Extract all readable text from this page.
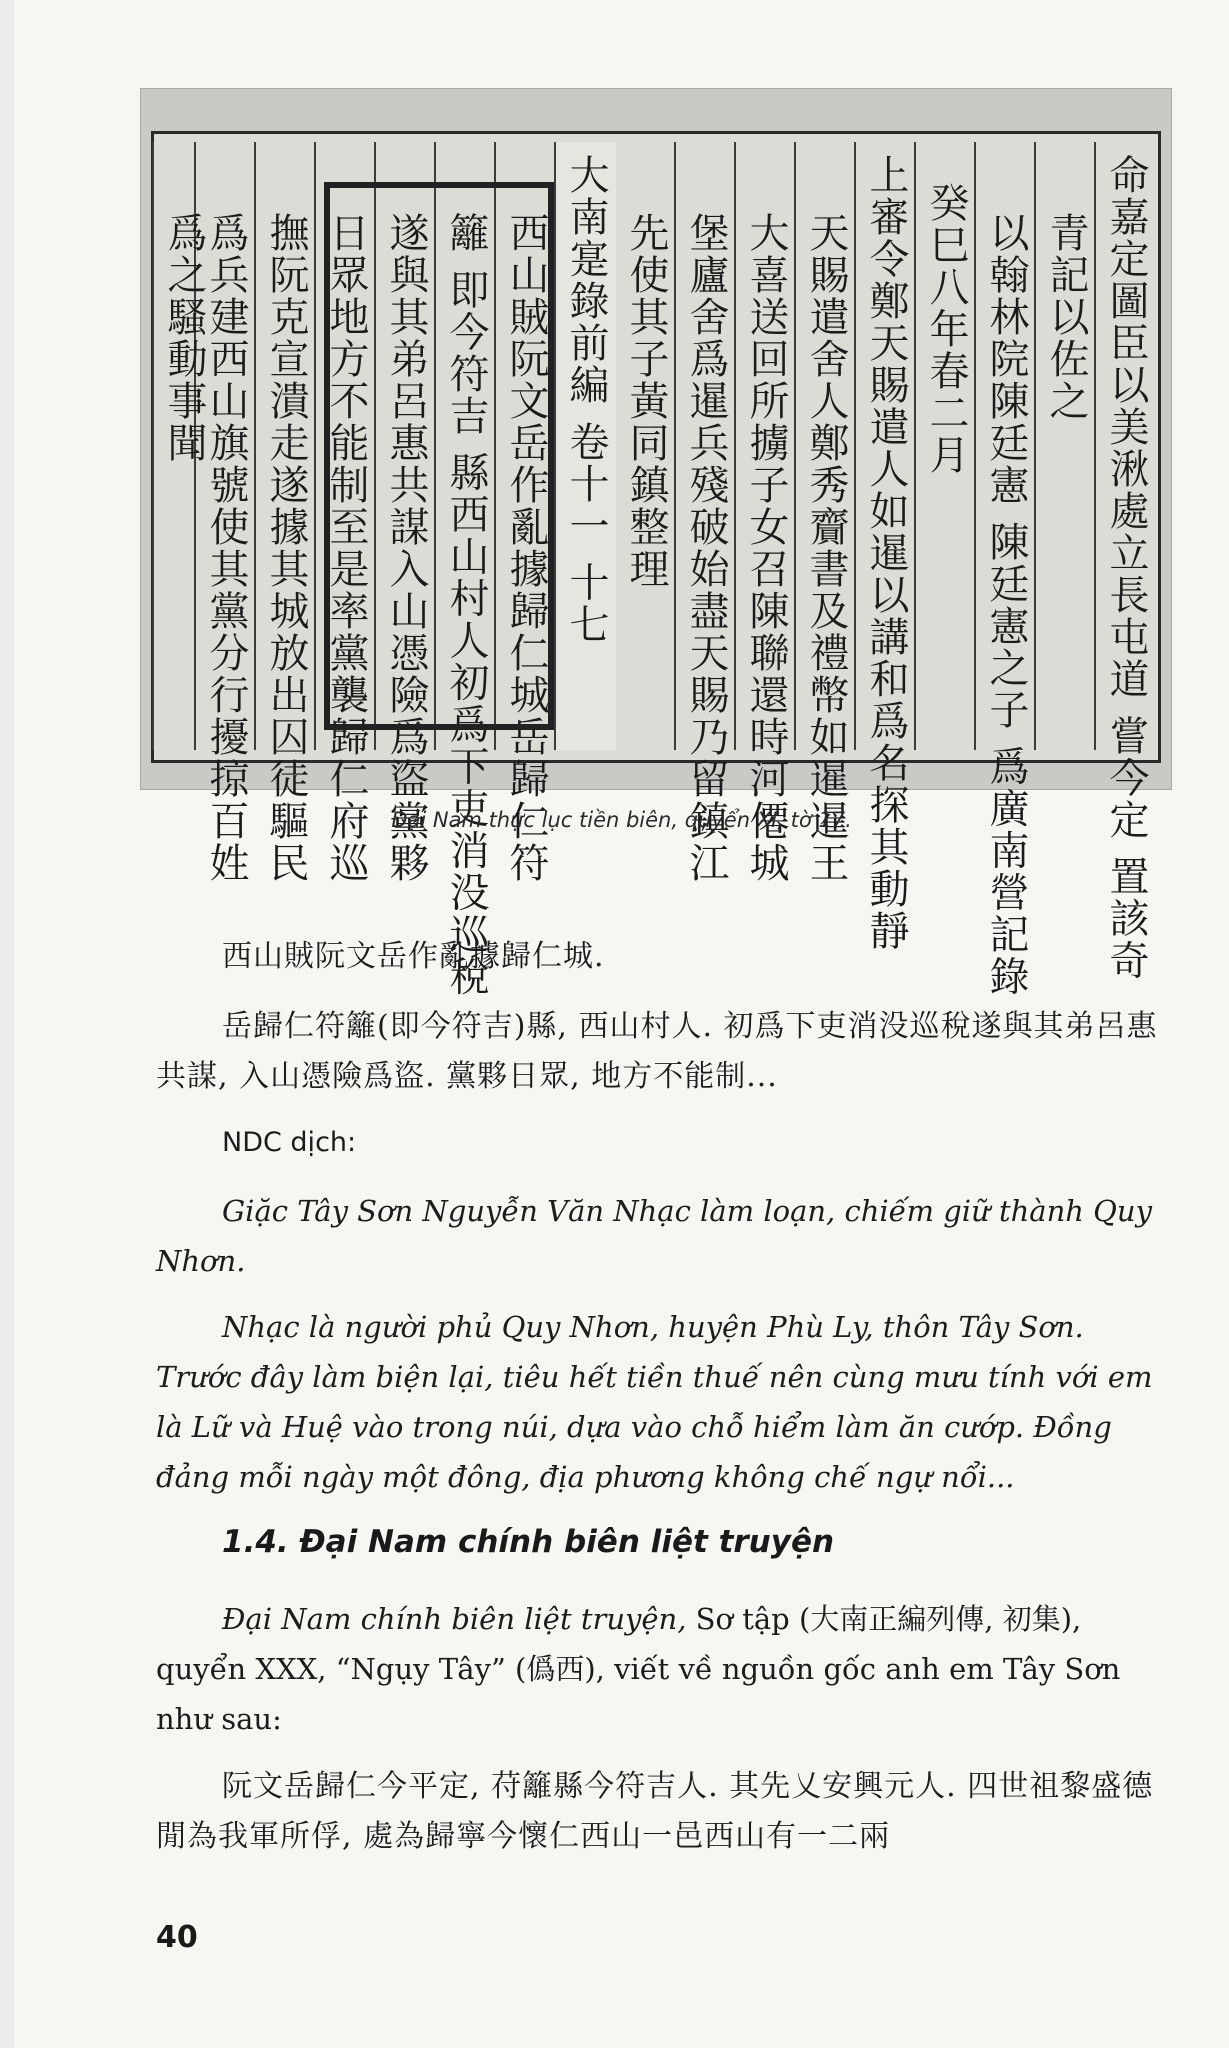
命嘉定圖臣以美湫處立長屯道 嘗今定 置該奇
青記以佐之
以翰林院陳廷憲 陳廷憲之子 爲廣南營記錄
癸巳八年春二月
上審令鄭天賜遣人如暹以講和爲名探其動靜
天賜遣舍人鄭秀齎書及禮幣如暹暹王
大喜送回所擄子女召陳聯還時河僊城
堡廬舍爲暹兵殘破始盡天賜乃留鎮江
先使其子黃同鎮整理
大南寔錄前編 卷十一 十七
西山賊阮文岳作亂據歸仁城岳歸仁符
籬 即今符吉 縣西山村人初爲下吏消没巡稅
遂與其弟呂惠共謀入山憑險爲盜黨夥
日眾地方不能制至是率黨襲歸仁府巡
撫阮克宣潰走遂據其城放出囚徒驅民
爲兵建西山旗號使其黨分行擾掠百姓
爲之騷動事聞
Đại Nam thực lục tiền biên, quyển XI, tờ 17.
西山賊阮文岳作亂據歸仁城.
岳歸仁符籬(即今符吉)縣, 西山村人. 初爲下吏消没巡稅遂與其弟呂惠共謀, 入山憑險爲盜. 黨夥日眾, 地方不能制...
NDC dịch:
Giặc Tây Sơn Nguyễn Văn Nhạc làm loạn, chiếm giữ thành Quy Nhơn.
Nhạc là người phủ Quy Nhơn, huyện Phù Ly, thôn Tây Sơn. Trước đây làm biện lại, tiêu hết tiền thuế nên cùng mưu tính với em là Lữ và Huệ vào trong núi, dựa vào chỗ hiểm làm ăn cướp. Đồng đảng mỗi ngày một đông, địa phương không chế ngự nổi...
1.4. Đại Nam chính biên liệt truyện
Đại Nam chính biên liệt truyện, Sơ tập (大南正編列傳, 初集), quyển XXX, “Ngụy Tây” (僞西), viết về nguồn gốc anh em Tây Sơn như sau:
阮文岳歸仁今平定, 苻籬縣今符吉人. 其先乂安興元人. 四世祖黎盛德閒為我軍所俘, 處為歸寧今懷仁西山一邑西山有一二兩
40
